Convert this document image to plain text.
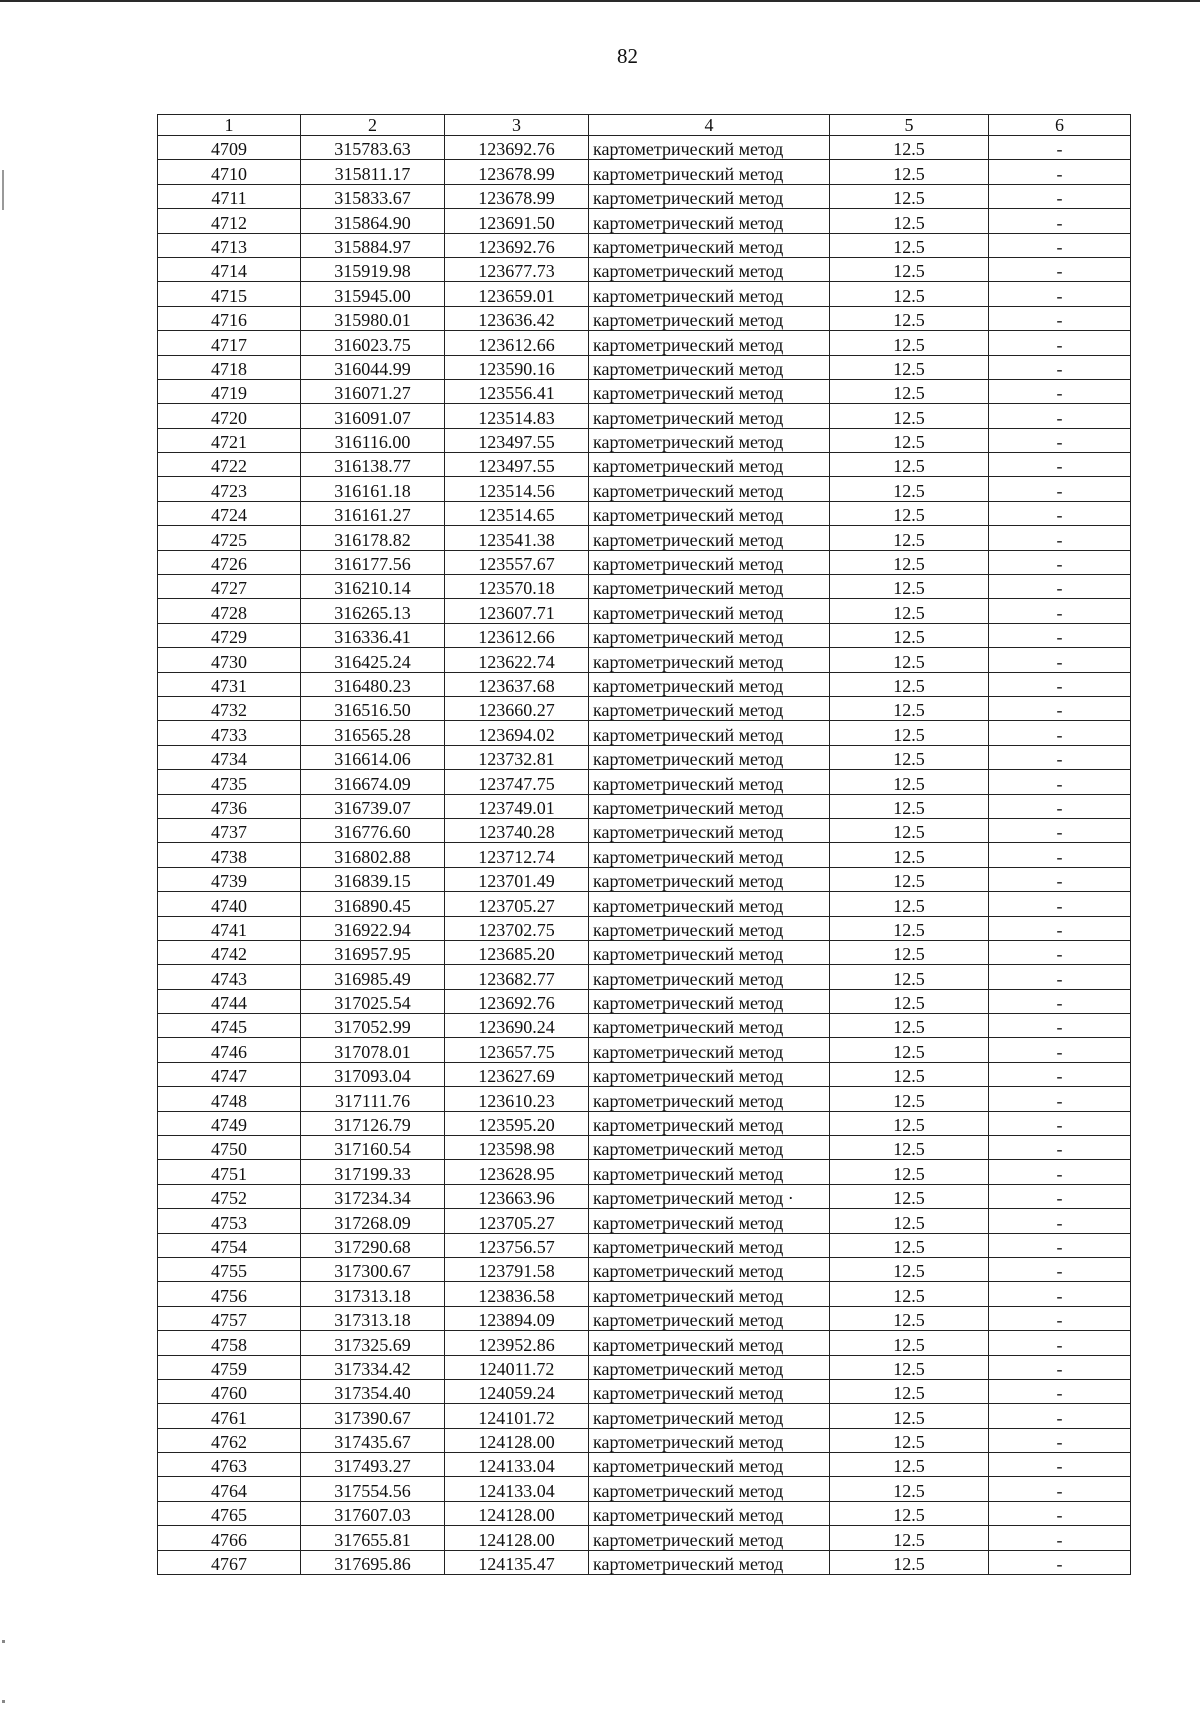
82
1	2	3	4	5	6
4709	315783.63	123692.76	картометрический метод	12.5	-
4710	315811.17	123678.99	картометрический метод	12.5	-
4711	315833.67	123678.99	картометрический метод	12.5	-
4712	315864.90	123691.50	картометрический метод	12.5	-
4713	315884.97	123692.76	картометрический метод	12.5	-
4714	315919.98	123677.73	картометрический метод	12.5	-
4715	315945.00	123659.01	картометрический метод	12.5	-
4716	315980.01	123636.42	картометрический метод	12.5	-
4717	316023.75	123612.66	картометрический метод	12.5	-
4718	316044.99	123590.16	картометрический метод	12.5	-
4719	316071.27	123556.41	картометрический метод	12.5	-
4720	316091.07	123514.83	картометрический метод	12.5	-
4721	316116.00	123497.55	картометрический метод	12.5	-
4722	316138.77	123497.55	картометрический метод	12.5	-
4723	316161.18	123514.56	картометрический метод	12.5	-
4724	316161.27	123514.65	картометрический метод	12.5	-
4725	316178.82	123541.38	картометрический метод	12.5	-
4726	316177.56	123557.67	картометрический метод	12.5	-
4727	316210.14	123570.18	картометрический метод	12.5	-
4728	316265.13	123607.71	картометрический метод	12.5	-
4729	316336.41	123612.66	картометрический метод	12.5	-
4730	316425.24	123622.74	картометрический метод	12.5	-
4731	316480.23	123637.68	картометрический метод	12.5	-
4732	316516.50	123660.27	картометрический метод	12.5	-
4733	316565.28	123694.02	картометрический метод	12.5	-
4734	316614.06	123732.81	картометрический метод	12.5	-
4735	316674.09	123747.75	картометрический метод	12.5	-
4736	316739.07	123749.01	картометрический метод	12.5	-
4737	316776.60	123740.28	картометрический метод	12.5	-
4738	316802.88	123712.74	картометрический метод	12.5	-
4739	316839.15	123701.49	картометрический метод	12.5	-
4740	316890.45	123705.27	картометрический метод	12.5	-
4741	316922.94	123702.75	картометрический метод	12.5	-
4742	316957.95	123685.20	картометрический метод	12.5	-
4743	316985.49	123682.77	картометрический метод	12.5	-
4744	317025.54	123692.76	картометрический метод	12.5	-
4745	317052.99	123690.24	картометрический метод	12.5	-
4746	317078.01	123657.75	картометрический метод	12.5	-
4747	317093.04	123627.69	картометрический метод	12.5	-
4748	317111.76	123610.23	картометрический метод	12.5	-
4749	317126.79	123595.20	картометрический метод	12.5	-
4750	317160.54	123598.98	картометрический метод	12.5	-
4751	317199.33	123628.95	картометрический метод	12.5	-
4752	317234.34	123663.96	картометрический метод ·	12.5	-
4753	317268.09	123705.27	картометрический метод	12.5	-
4754	317290.68	123756.57	картометрический метод	12.5	-
4755	317300.67	123791.58	картометрический метод	12.5	-
4756	317313.18	123836.58	картометрический метод	12.5	-
4757	317313.18	123894.09	картометрический метод	12.5	-
4758	317325.69	123952.86	картометрический метод	12.5	-
4759	317334.42	124011.72	картометрический метод	12.5	-
4760	317354.40	124059.24	картометрический метод	12.5	-
4761	317390.67	124101.72	картометрический метод	12.5	-
4762	317435.67	124128.00	картометрический метод	12.5	-
4763	317493.27	124133.04	картометрический метод	12.5	-
4764	317554.56	124133.04	картометрический метод	12.5	-
4765	317607.03	124128.00	картометрический метод	12.5	-
4766	317655.81	124128.00	картометрический метод	12.5	-
4767	317695.86	124135.47	картометрический метод	12.5	-
